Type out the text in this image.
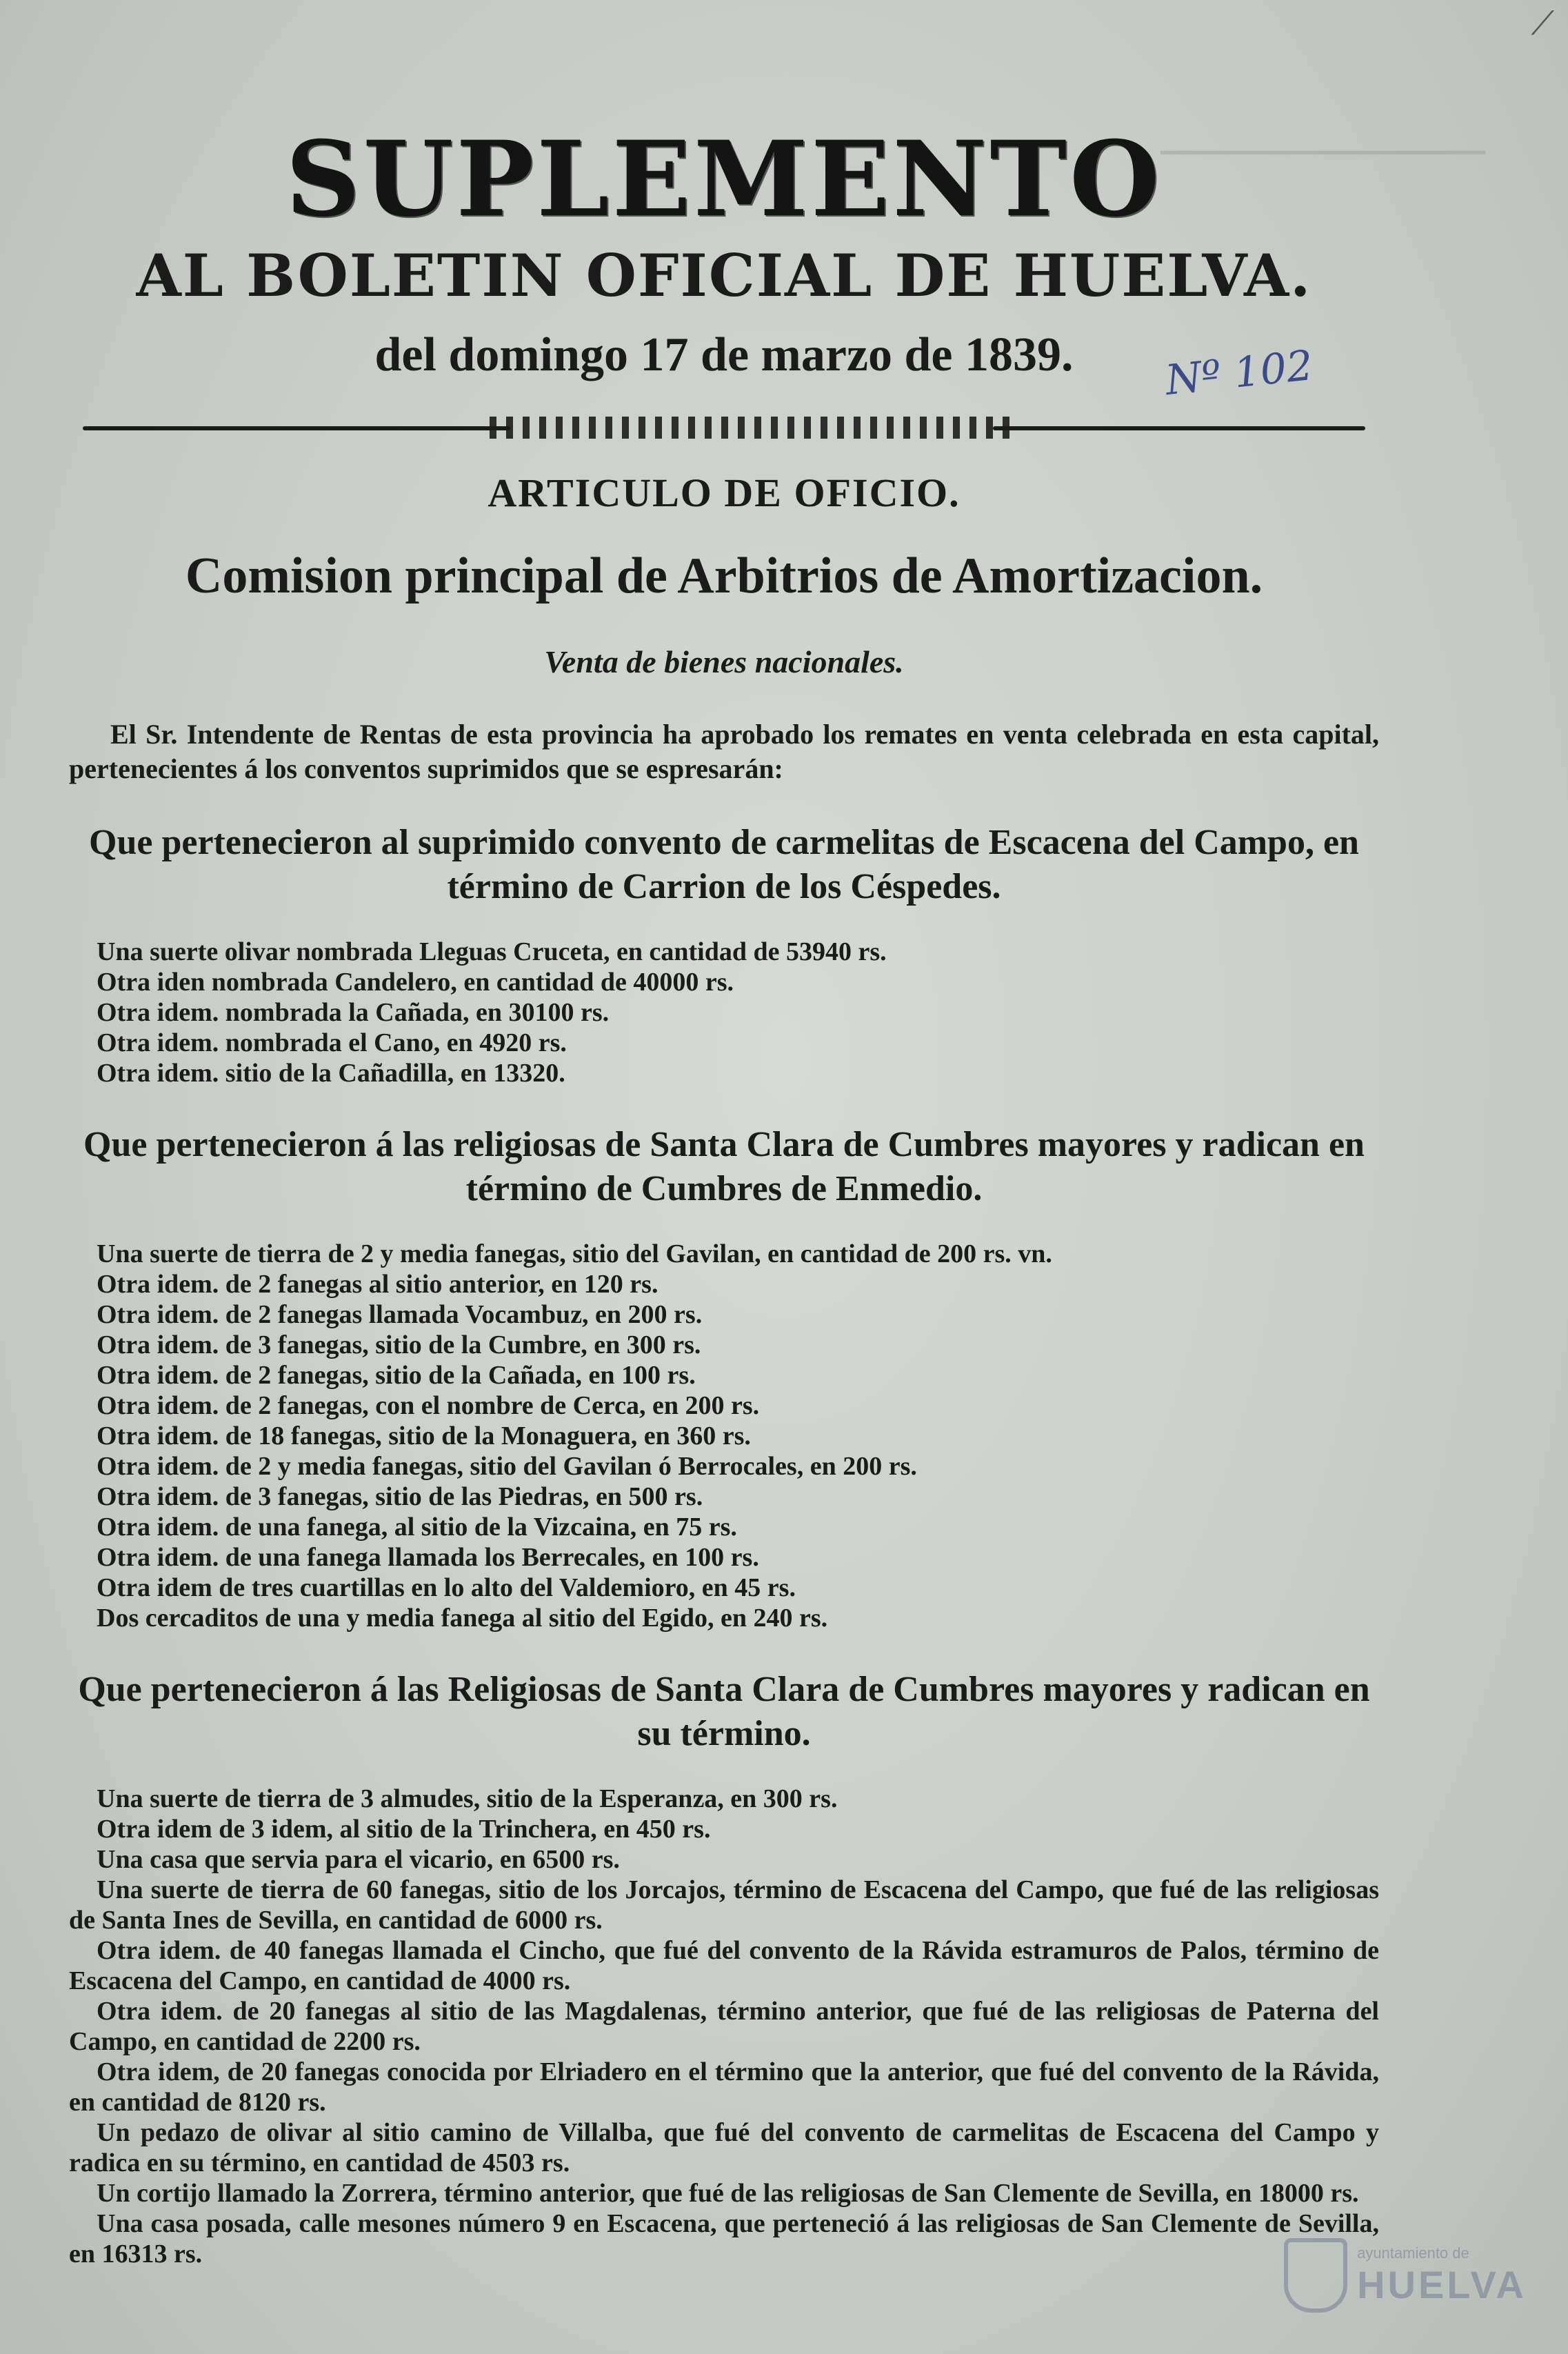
⟋
━━━━━━━━━━━━━━━━━━━━━━━
SUPLEMENTO
AL BOLETIN OFICIAL DE HUELVA.
del domingo 17 de marzo de 1839.
ARTICULO DE OFICIO.
Comision principal de Arbitrios de Amortizacion.
Venta de bienes nacionales.

El Sr. Intendente de Rentas de esta provincia ha aprobado los remates en venta celebrada en esta capital, pertenecientes á los conventos suprimidos que se espresarán:

Que pertenecieron al suprimido convento de carmelitas de Escacena del Campo, en término de Carrion de los Céspedes.
Una suerte olivar nombrada Lleguas Cruceta, en cantidad de 53940 rs.
Otra iden nombrada Candelero, en cantidad de 40000 rs.
Otra idem. nombrada la Cañada, en 30100 rs.
Otra idem. nombrada el Cano, en 4920 rs.
Otra idem. sitio de la Cañadilla, en 13320.
Que pertenecieron á las religiosas de Santa Clara de Cumbres mayores y radican en término de Cumbres de Enmedio.
Una suerte de tierra de 2 y media fanegas, sitio del Gavilan, en cantidad de 200 rs. vn.
Otra idem. de 2 fanegas al sitio anterior, en 120 rs.
Otra idem. de 2 fanegas llamada Vocambuz, en 200 rs.
Otra idem. de 3 fanegas, sitio de la Cumbre, en 300 rs.
Otra idem. de 2 fanegas, sitio de la Cañada, en 100 rs.
Otra idem. de 2 fanegas, con el nombre de Cerca, en 200 rs.
Otra idem. de 18 fanegas, sitio de la Monaguera, en 360 rs.
Otra idem. de 2 y media fanegas, sitio del Gavilan ó Berrocales, en 200 rs.
Otra idem. de 3 fanegas, sitio de las Piedras, en 500 rs.
Otra idem. de una fanega, al sitio de la Vizcaina, en 75 rs.
Otra idem. de una fanega llamada los Berrecales, en 100 rs.
Otra idem de tres cuartillas en lo alto del Valdemioro, en 45 rs.
Dos cercaditos de una y media fanega al sitio del Egido, en 240 rs.
Que pertenecieron á las Religiosas de Santa Clara de Cumbres mayores y radican en su término.
Una suerte de tierra de 3 almudes, sitio de la Esperanza, en 300 rs.
Otra idem de 3 idem, al sitio de la Trinchera, en 450 rs.
Una casa que servia para el vicario, en 6500 rs.
Una suerte de tierra de 60 fanegas, sitio de los Jorcajos, término de Escacena del Campo, que fué de las religiosas de Santa Ines de Sevilla, en cantidad de 6000 rs.
Otra idem. de 40 fanegas llamada el Cincho, que fué del convento de la Rávida estramuros de Palos, término de Escacena del Campo, en cantidad de 4000 rs.
Otra idem. de 20 fanegas al sitio de las Magdalenas, término anterior, que fué de las religiosas de Paterna del Campo, en cantidad de 2200 rs.
Otra idem, de 20 fanegas conocida por Elriadero en el término que la anterior, que fué del convento de la Rávida, en cantidad de 8120 rs.
Un pedazo de olivar al sitio camino de Villalba, que fué del convento de carmelitas de Escacena del Campo y radica en su término, en cantidad de 4503 rs.
Un cortijo llamado la Zorrera, término anterior, que fué de las religiosas de San Clemente de Sevilla, en 18000 rs.
Una casa posada, calle mesones número 9 en Escacena, que perteneció á las religiosas de San Clemente de Sevilla, en 16313 rs.
Nº 102
ayuntamiento de
HUELVA
